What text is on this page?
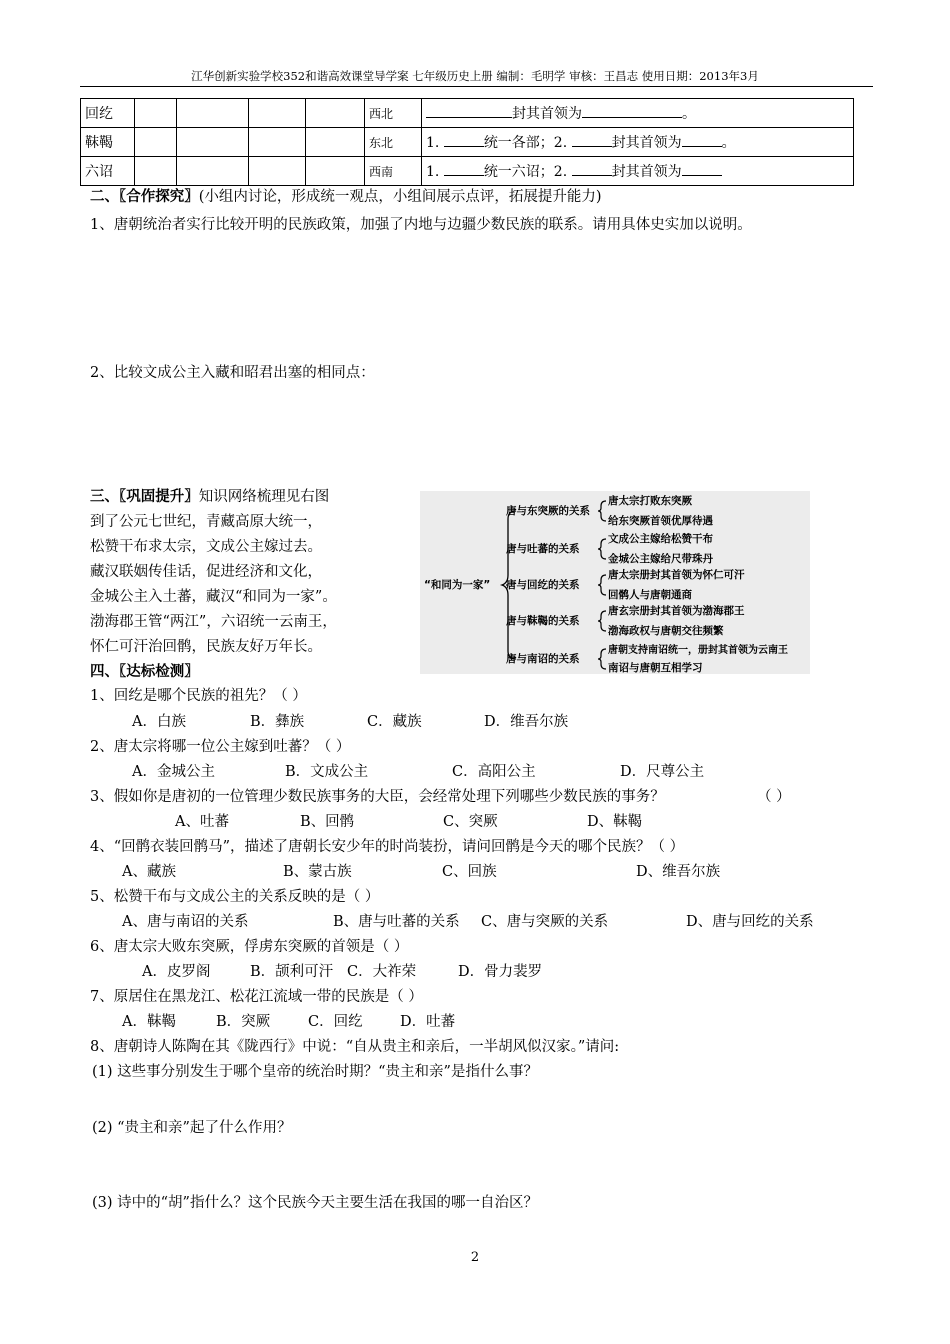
江华创新实验学校352和谐高效课堂导学案 七年级历史上册 编制：毛明学 审核：王昌志 使用日期：2013年3月
回纥					西北	封其首领为 。
靺鞨					东北	1. 统一各部；2. 封其首领为 。
六诏					西南	1. 统一六诏；2. 封其首领为
二、〖合作探究〗(小组内讨论，形成统一观点，小组间展示点评，拓展提升能力)
1、唐朝统治者实行比较开明的民族政策，加强了内地与边疆少数民族的联系。请用具体史实加以说明。
2、比较文成公主入藏和昭君出塞的相同点：
三、〖巩固提升〗知识网络梳理见右图
到了公元七世纪，青藏高原大统一，
松赞干布求太宗，文成公主嫁过去。
藏汉联姻传佳话，促进经济和文化，
金城公主入土蕃，藏汉“和同为一家”。
渤海郡王管“两江”，六诏统一云南王，
怀仁可汗治回鹘，民族友好万年长。
“和同为一家”
唐与东突厥的关系
唐太宗打败东突厥
给东突厥首领优厚待遇
唐与吐蕃的关系
文成公主嫁给松赞干布
金城公主嫁给尺带珠丹
唐与回纥的关系
唐太宗册封其首领为怀仁可汗
回鹘人与唐朝通商
唐与靺鞨的关系
唐玄宗册封其首领为渤海郡王
渤海政权与唐朝交往频繁
唐与南诏的关系
唐朝支持南诏统一，册封其首领为云南王
南诏与唐朝互相学习
四、〖达标检测〗
1、回纥是哪个民族的祖先？（ ）
A．白族	B．彝族	C．藏族	D．维吾尔族
2、唐太宗将哪一位公主嫁到吐蕃？（ ）
A．金城公主	B．文成公主	C．高阳公主	D．尺尊公主
3、假如你是唐初的一位管理少数民族事务的大臣，会经常处理下列哪些少数民族的事务？	（ ）
A、吐蕃	B、回鹘	C、突厥	D、靺鞨
4、“回鹘衣装回鹘马”，描述了唐朝长安少年的时尚装扮，请问回鹘是今天的哪个民族？（ ）
A、藏族	B、蒙古族	C、回族	D、维吾尔族
5、松赞干布与文成公主的关系反映的是（ ）
A、唐与南诏的关系	B、唐与吐蕃的关系 C、唐与突厥的关系	D、唐与回纥的关系
6、唐太宗大败东突厥，俘虏东突厥的首领是（ ）
A．皮罗阁	B．颉利可汗 C．大祚荣	D．骨力裴罗
7、原居住在黑龙江、松花江流域一带的民族是（ ）
A．靺鞨	B．突厥	C．回纥	D．吐蕃
8、唐朝诗人陈陶在其《陇西行》中说：“自从贵主和亲后，一半胡风似汉家。”请问:
(1) 这些事分别发生于哪个皇帝的统治时期？“贵主和亲”是指什么事？
(2) “贵主和亲”起了什么作用？
(3) 诗中的“胡”指什么？这个民族今天主要生活在我国的哪一自治区？
2
